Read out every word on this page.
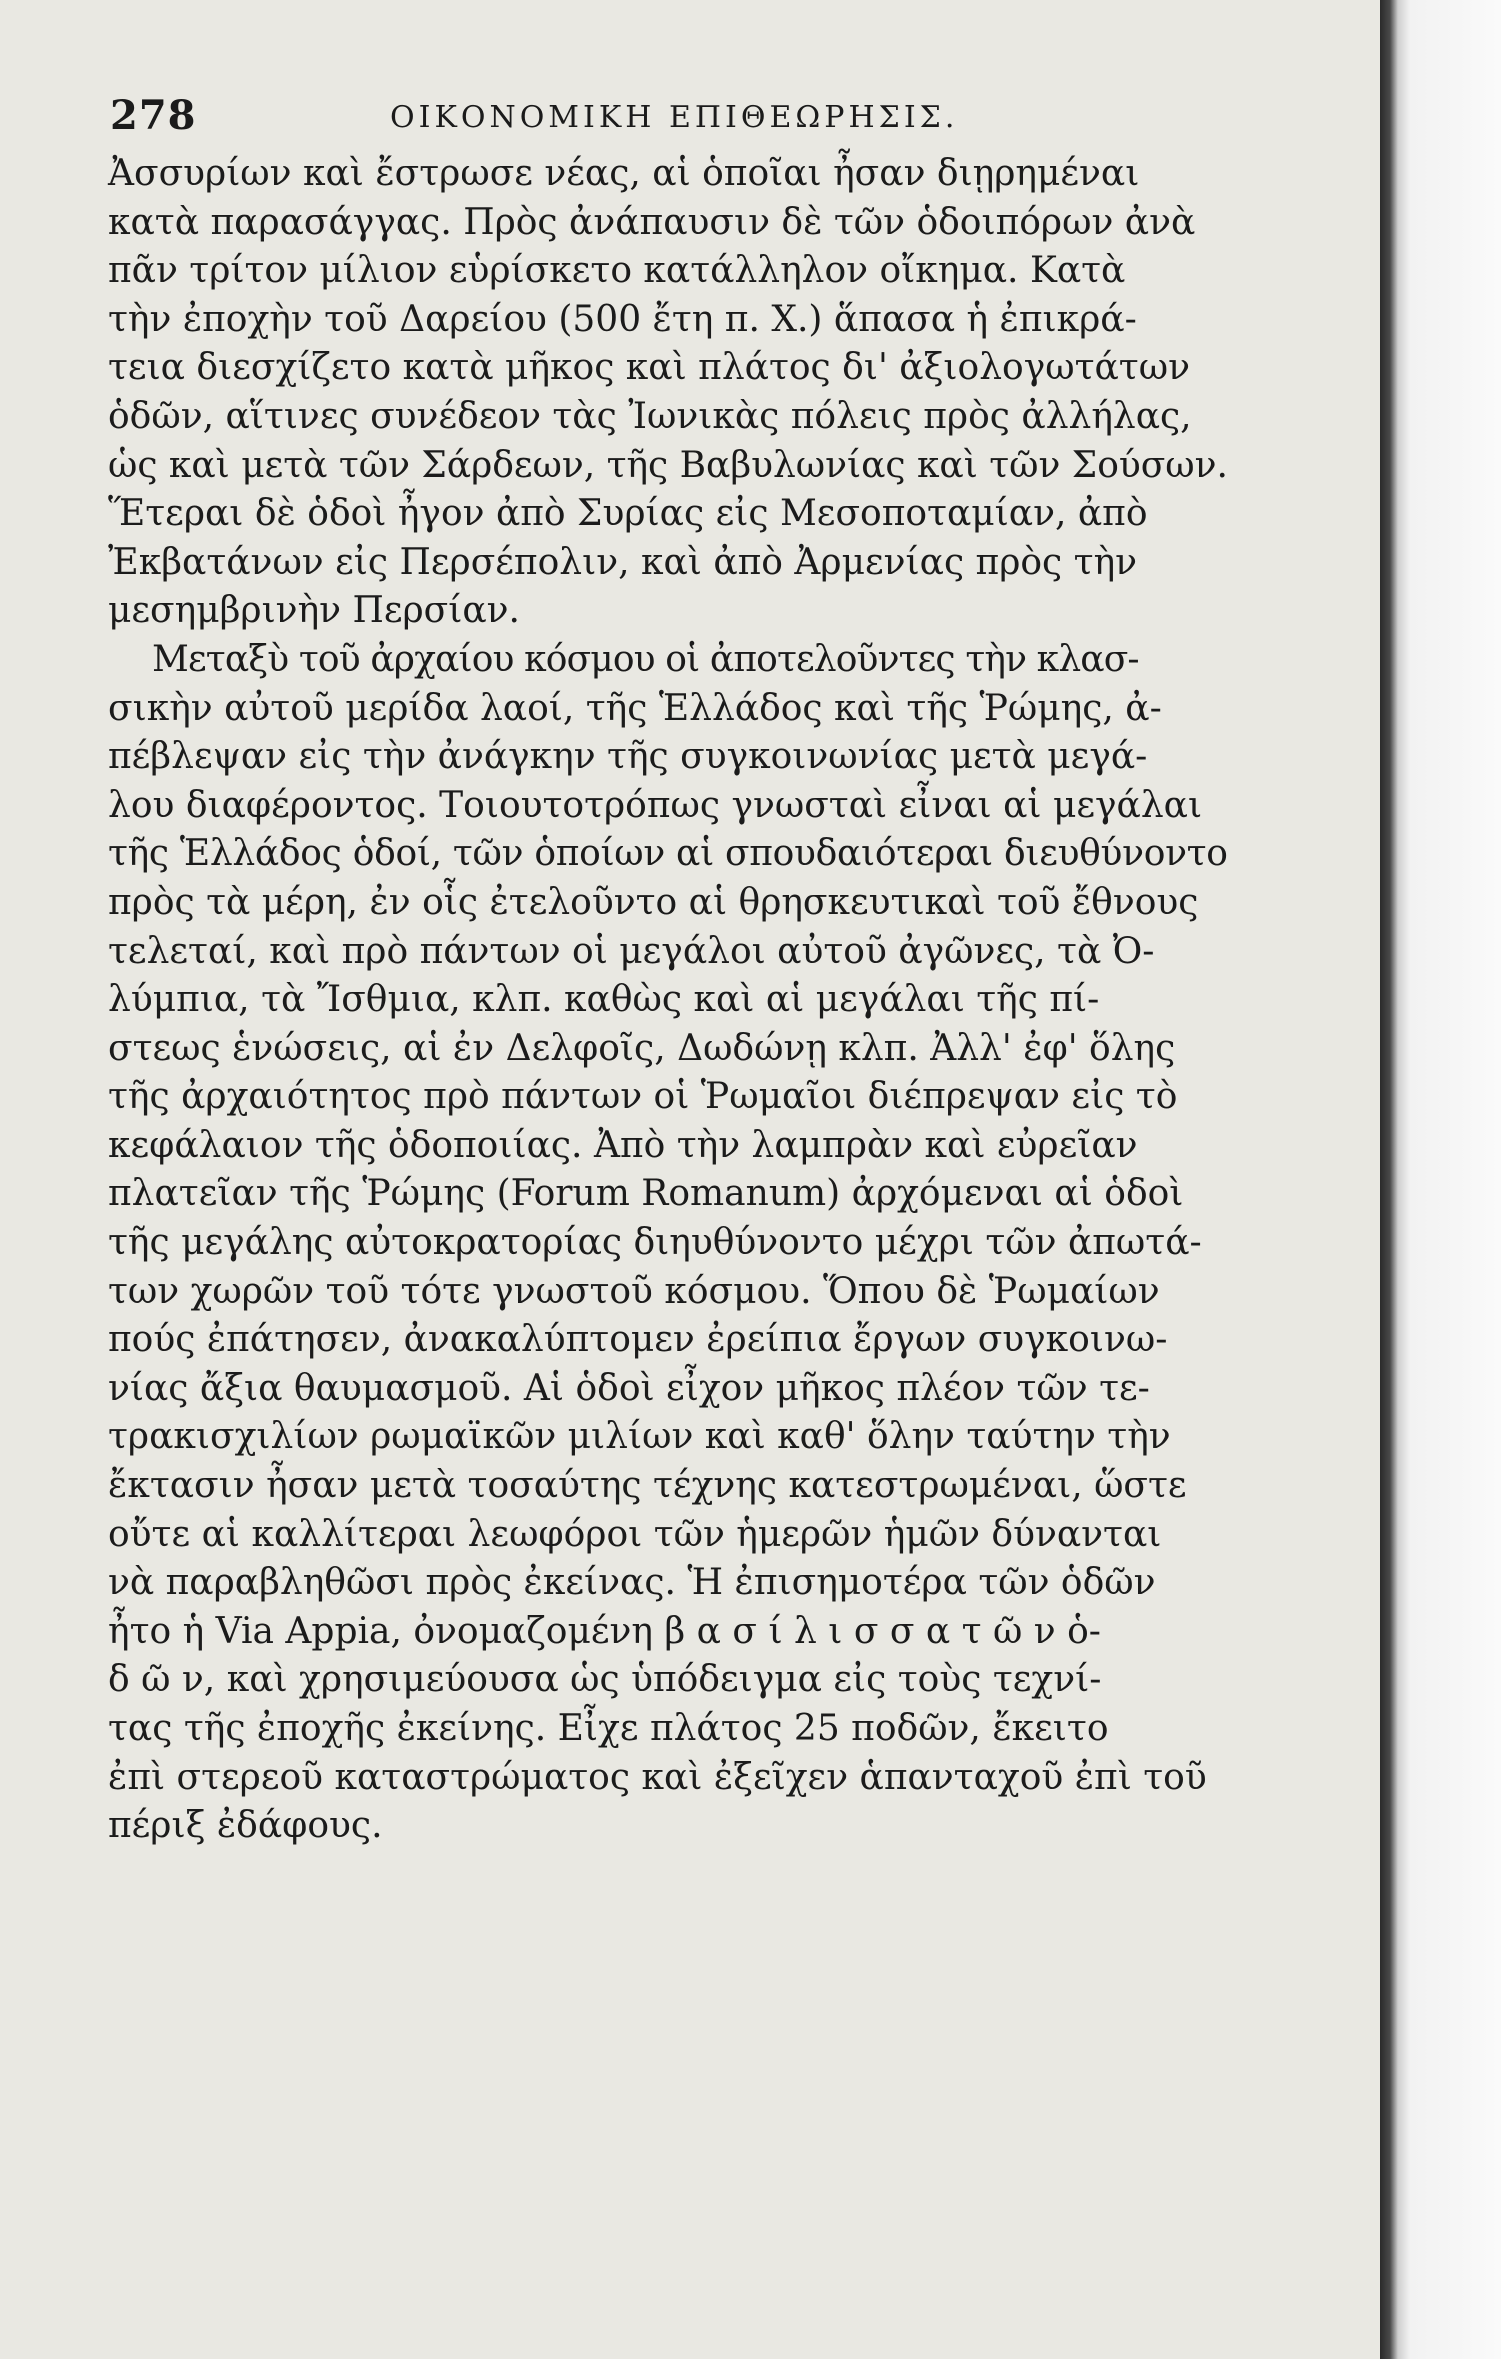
278	ΟΙΚΟΝΟΜΙΚΗ ΕΠΙΘΕΩΡΗΣΙΣ.

Ἀσσυρίων καὶ ἔστρωσε νέας, αἱ ὁποῖαι ἦσαν διῃρημέναι
κατὰ παρασάγγας. Πρὸς ἀνάπαυσιν δὲ τῶν ὁδοιπόρων ἀνὰ
πᾶν τρίτον μίλιον εὑρίσκετο κατάλληλον οἴκημα. Κατὰ
τὴν ἐποχὴν τοῦ Δαρείου (500 ἔτη π. Χ.) ἅπασα ἡ ἐπικρά-
τεια διεσχίζετο κατὰ μῆκος καὶ πλάτος δι' ἀξιολογωτάτων
ὁδῶν, αἵτινες συνέδεον τὰς Ἰωνικὰς πόλεις πρὸς ἀλλήλας,
ὡς καὶ μετὰ τῶν Σάρδεων, τῆς Βαβυλωνίας καὶ τῶν Σούσων.
Ἕτεραι δὲ ὁδοὶ ἦγον ἀπὸ Συρίας εἰς Μεσοποταμίαν, ἀπὸ
Ἐκβατάνων εἰς Περσέπολιν, καὶ ἀπὸ Ἀρμενίας πρὸς τὴν
μεσημβρινὴν Περσίαν.

Μεταξὺ τοῦ ἀρχαίου κόσμου οἱ ἀποτελοῦντες τὴν κλασ-

σικὴν αὐτοῦ μερίδα λαοί, τῆς Ἑλλάδος καὶ τῆς Ῥώμης, ἀ-
πέβλεψαν εἰς τὴν ἀνάγκην τῆς συγκοινωνίας μετὰ μεγά-
λου διαφέροντος. Τοιουτοτρόπως γνωσταὶ εἶναι αἱ μεγάλαι
τῆς Ἑλλάδος ὁδοί, τῶν ὁποίων αἱ σπουδαιότεραι διευθύνοντο
πρὸς τὰ μέρη, ἐν οἷς ἐτελοῦντο αἱ θρησκευτικαὶ τοῦ ἔθνους
τελεταί, καὶ πρὸ πάντων οἱ μεγάλοι αὐτοῦ ἀγῶνες, τὰ Ὀ-
λύμπια, τὰ Ἴσθμια, κλπ. καθὼς καὶ αἱ μεγάλαι τῆς πί-
στεως ἑνώσεις, αἱ ἐν Δελφοῖς, Δωδώνῃ κλπ. Ἀλλ' ἐφ' ὅλης
τῆς ἀρχαιότητος πρὸ πάντων οἱ Ῥωμαῖοι διέπρεψαν εἰς τὸ
κεφάλαιον τῆς ὁδοποιίας. Ἀπὸ τὴν λαμπρὰν καὶ εὐρεῖαν
πλατεῖαν τῆς Ῥώμης (Forum Romanum) ἀρχόμεναι αἱ ὁδοὶ
τῆς μεγάλης αὐτοκρατορίας διηυθύνοντο μέχρι τῶν ἀπωτά-
των χωρῶν τοῦ τότε γνωστοῦ κόσμου. Ὅπου δὲ Ῥωμαίων
πούς ἐπάτησεν, ἀνακαλύπτομεν ἐρείπια ἔργων συγκοινω-
νίας ἄξια θαυμασμοῦ. Αἱ ὁδοὶ εἶχον μῆκος πλέον τῶν τε-
τρακισχιλίων ρωμαϊκῶν μιλίων καὶ καθ' ὅλην ταύτην τὴν
ἔκτασιν ἦσαν μετὰ τοσαύτης τέχνης κατεστρωμέναι, ὥστε
οὔτε αἱ καλλίτεραι λεωφόροι τῶν ἡμερῶν ἡμῶν δύνανται
νὰ παραβληθῶσι πρὸς ἐκείνας. Ἡ ἐπισημοτέρα τῶν ὁδῶν
ἦτο ἡ Via Appia, ὀνομαζομένη β α σ ί λ ι σ σ α τ ῶ ν ὁ-
δ ῶ ν, καὶ χρησιμεύουσα ὡς ὑπόδειγμα εἰς τοὺς τεχνί-
τας τῆς ἐποχῆς ἐκείνης. Εἶχε πλάτος 25 ποδῶν, ἔκειτο
ἐπὶ στερεοῦ καταστρώματος καὶ ἐξεῖχεν ἁπανταχοῦ ἐπὶ τοῦ
πέριξ ἐδάφους.
